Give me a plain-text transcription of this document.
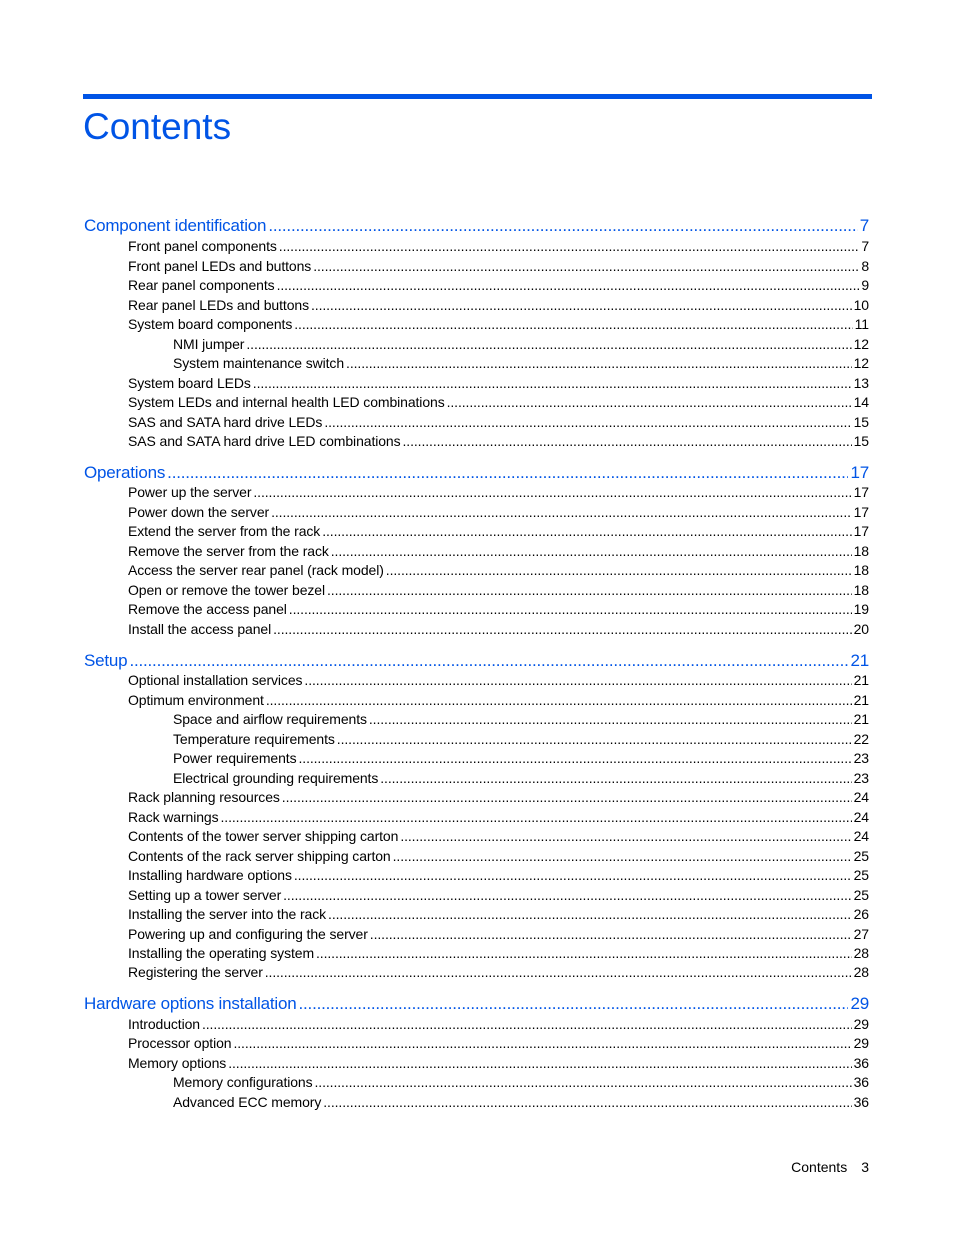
Contents
Component identification .....	7
Front panel components .....	7
Front panel LEDs and buttons .....	8
Rear panel components .....	9
Rear panel LEDs and buttons .....	10
System board components .....	11
NMI jumper .....	12
System maintenance switch .....	12
System board LEDs .....	13
System LEDs and internal health LED combinations .....	14
SAS and SATA hard drive LEDs .....	15
SAS and SATA hard drive LED combinations .....	15
Operations .....	17
Power up the server .....	17
Power down the server .....	17
Extend the server from the rack .....	17
Remove the server from the rack .....	18
Access the server rear panel (rack model) .....	18
Open or remove the tower bezel .....	18
Remove the access panel .....	19
Install the access panel .....	20
Setup .....	21
Optional installation services .....	21
Optimum environment .....	21
Space and airflow requirements .....	21
Temperature requirements .....	22
Power requirements .....	23
Electrical grounding requirements .....	23
Rack planning resources .....	24
Rack warnings .....	24
Contents of the tower server shipping carton .....	24
Contents of the rack server shipping carton .....	25
Installing hardware options .....	25
Setting up a tower server .....	25
Installing the server into the rack .....	26
Powering up and configuring the server .....	27
Installing the operating system .....	28
Registering the server .....	28
Hardware options installation .....	29
Introduction .....	29
Processor option .....	29
Memory options .....	36
Memory configurations .....	36
Advanced ECC memory .....	36
Contents 3
